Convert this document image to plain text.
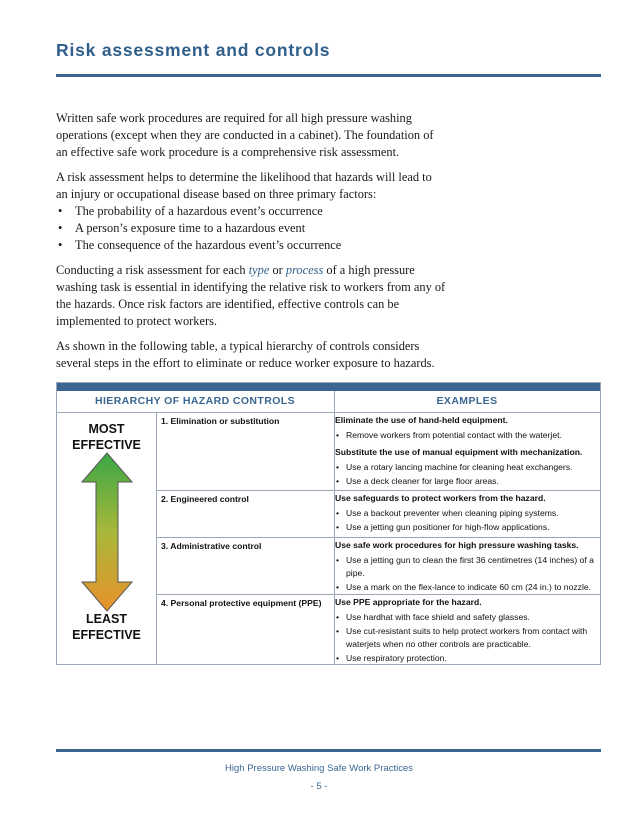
Risk assessment and controls

Written safe work procedures are required for all high pressure washing operations (except when they are conducted in a cabinet). The foundation of an effective safe work procedure is a comprehensive risk assessment.

A risk assessment helps to determine the likelihood that hazards will lead to an injury or occupational disease based on three primary factors:

• The probability of a hazardous event’s occurrence
• A person’s exposure time to a hazardous event
• The consequence of the hazardous event’s occurrence

Conducting a risk assessment for each type or process of a high pressure washing task is essential in identifying the relative risk to workers from any of the hazards. Once risk factors are identified, effective controls can be implemented to protect workers.

As shown in the following table, a typical hierarchy of controls considers several steps in the effort to eliminate or reduce worker exposure to hazards.

HIERARCHY OF HAZARD CONTROLS	EXAMPLES
MOST
EFFECTIVE
LEAST
EFFECTIVE
1. Elimination or substitution	Eliminate the use of hand-held equipment.
• Remove workers from potential contact with the waterjet.
Substitute the use of manual equipment with mechanization.
• Use a rotary lancing machine for cleaning heat exchangers.
• Use a deck cleaner for large floor areas.
2. Engineered control	Use safeguards to protect workers from the hazard.
• Use a backout preventer when cleaning piping systems.
• Use a jetting gun positioner for high-flow applications.
3. Administrative control	Use safe work procedures for high pressure washing tasks.
• Use a jetting gun to clean the first 36 centimetres (14 inches) of a pipe.
• Use a mark on the flex-lance to indicate 60 cm (24 in.) to nozzle.
4. Personal protective equipment (PPE)	Use PPE appropriate for the hazard.
• Use hardhat with face shield and safety glasses.
• Use cut-resistant suits to help protect workers from contact with waterjets when no other controls are practicable.
• Use respiratory protection.
High Pressure Washing Safe Work Practices
- 5 -
